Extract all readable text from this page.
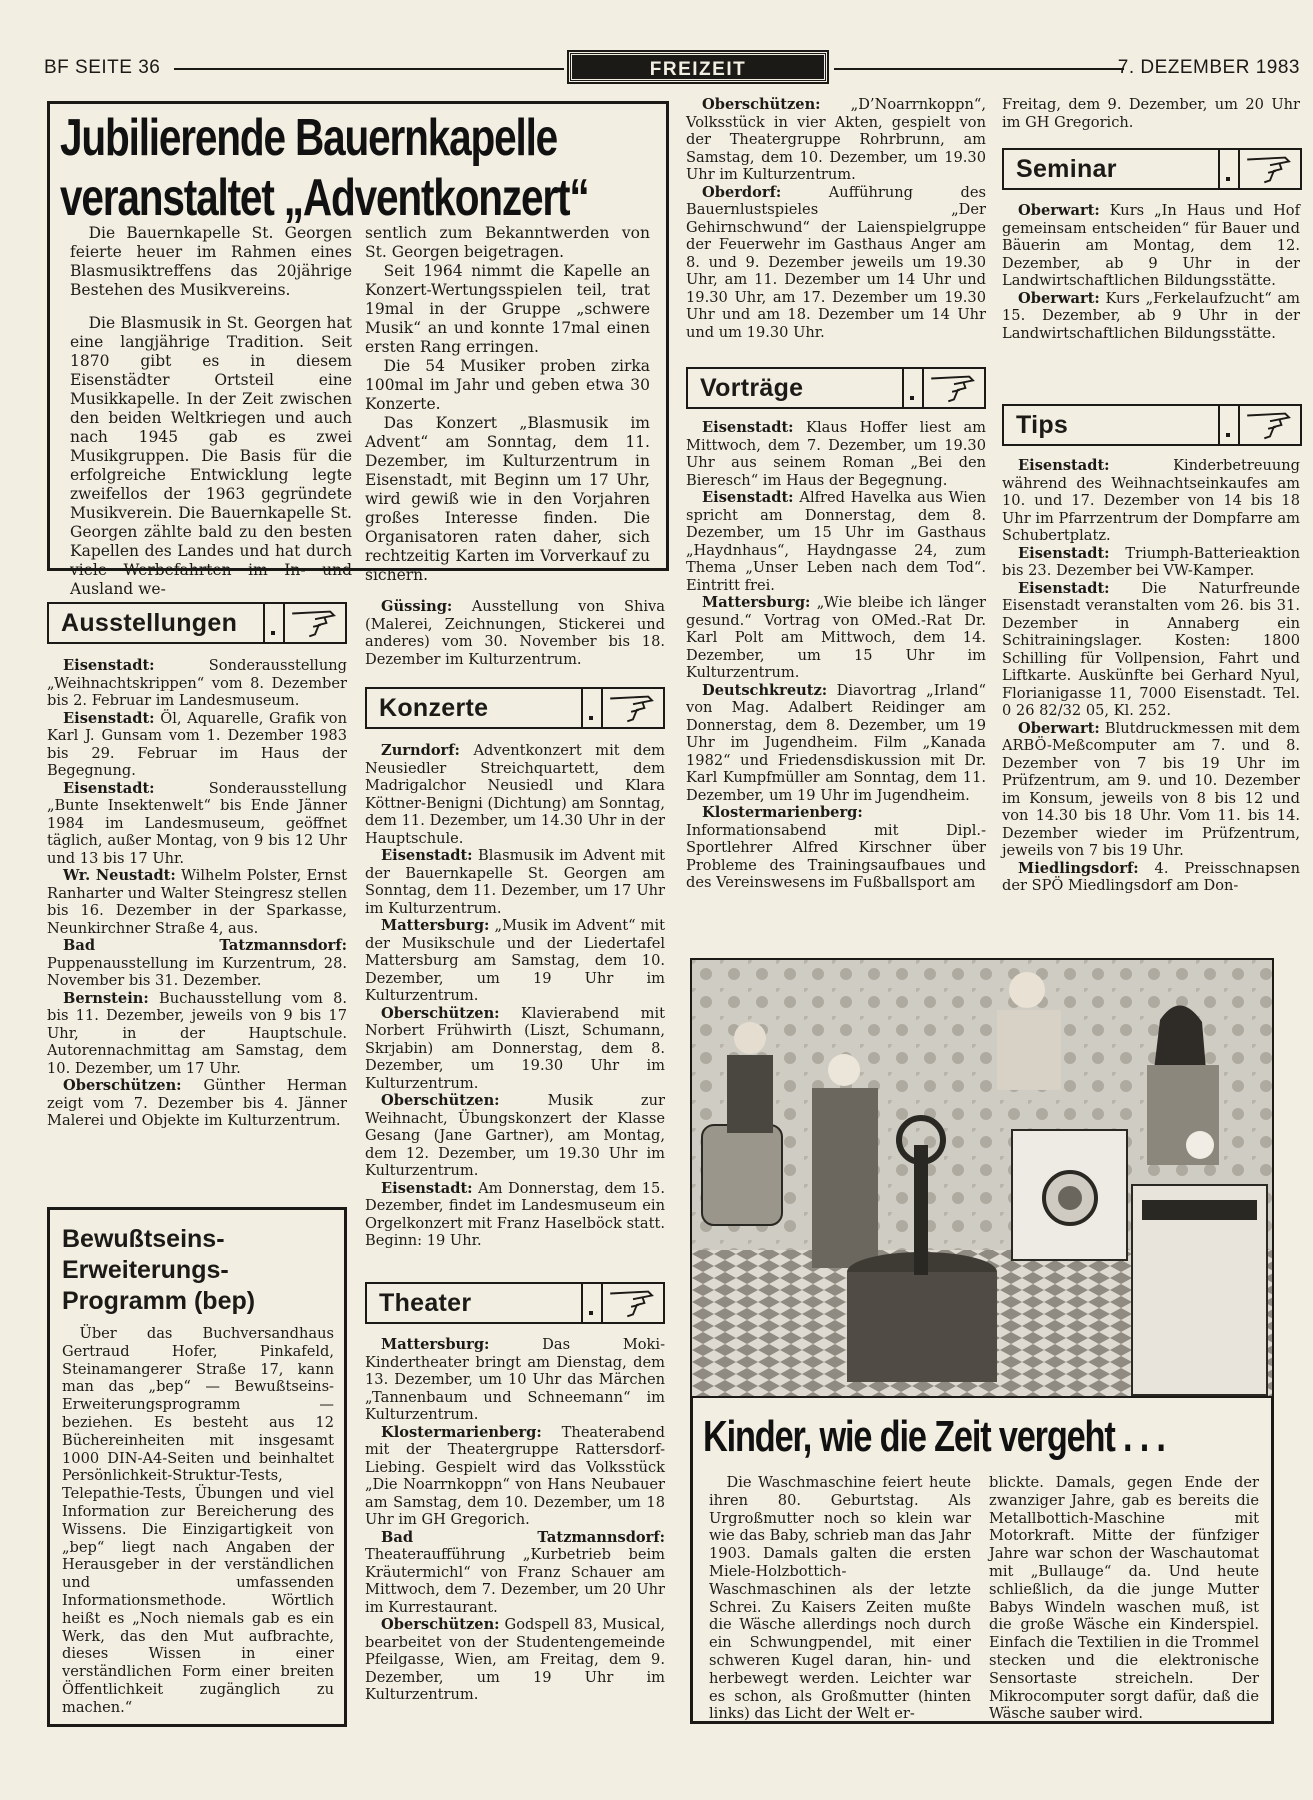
BF SEITE 36	FREIZEIT	7. DEZEMBER 1983
Jubilierende Bauernkapelle
veranstaltet „Adventkonzert“

Die Bauernkapelle St. Georgen feierte heuer im Rahmen eines Blasmusiktreffens das 20jährige Bestehen des Musikvereins.

Die Blasmusik in St. Georgen hat eine langjährige Tradition. Seit 1870 gibt es in diesem Eisenstädter Ortsteil eine Musikkapelle. In der Zeit zwischen den beiden Weltkriegen und auch nach 1945 gab es zwei Musikgruppen. Die Basis für die erfolgreiche Entwicklung legte zweifellos der 1963 gegründete Musikverein. Die Bauernkapelle St. Georgen zählte bald zu den besten Kapellen des Landes und hat durch viele Werbefahrten im In- und Ausland we-

sentlich zum Bekanntwerden von St. Georgen beigetragen.

Seit 1964 nimmt die Kapelle an Konzert-Wertungsspielen teil, trat 19mal in der Gruppe „schwere Musik“ an und konnte 17mal einen ersten Rang erringen.

Die 54 Musiker proben zirka 100mal im Jahr und geben etwa 30 Konzerte.

Das Konzert „Blasmusik im Advent“ am Sonntag, dem 11. Dezember, im Kulturzentrum in Eisenstadt, mit Beginn um 17 Uhr, wird gewiß wie in den Vorjahren großes Interesse finden. Die Organisatoren raten daher, sich rechtzeitig Karten im Vorverkauf zu sichern.

Ausstellungen
Konzerte
Theater
Vorträge
Seminar
Tips

Eisenstadt: Sonderausstellung „Weihnachtskrippen“ vom 8. Dezember bis 2. Februar im Landesmuseum.

Eisenstadt: Öl, Aquarelle, Grafik von Karl J. Gunsam vom 1. Dezember 1983 bis 29. Februar im Haus der Begegnung.

Eisenstadt: Sonderausstellung „Bunte Insektenwelt“ bis Ende Jänner 1984 im Landesmuseum, geöffnet täglich, außer Montag, von 9 bis 12 Uhr und 13 bis 17 Uhr.

Wr. Neustadt: Wilhelm Polster, Ernst Ranharter und Walter Steingresz stellen bis 16. Dezember in der Sparkasse, Neunkirchner Straße 4, aus.

Bad Tatzmannsdorf: Puppenausstellung im Kurzentrum, 28. November bis 31. Dezember.

Bernstein: Buchausstellung vom 8. bis 11. Dezember, jeweils von 9 bis 17 Uhr, in der Hauptschule. Autorennachmittag am Samstag, dem 10. Dezember, um 17 Uhr.

Oberschützen: Günther Herman zeigt vom 7. Dezember bis 4. Jänner Malerei und Objekte im Kulturzentrum.

Bewußtseins-
Erweiterungs-
Programm (bep)

Über das Buchversandhaus Gertraud Hofer, Pinkafeld, Steinamangerer Straße 17, kann man das „bep“ — Bewußtseins-Erweiterungsprogramm — beziehen. Es besteht aus 12 Büchereinheiten mit insgesamt 1000 DIN-A4-Seiten und beinhaltet Persönlichkeit-Struktur-Tests, Telepathie-Tests, Übungen und viel Information zur Bereicherung des Wissens. Die Einzigartigkeit von „bep“ liegt nach Angaben der Herausgeber in der verständlichen und umfassenden Informationsmethode. Wörtlich heißt es „Noch niemals gab es ein Werk, das den Mut aufbrachte, dieses Wissen in einer verständlichen Form einer breiten Öffentlichkeit zugänglich zu machen.“

Güssing: Ausstellung von Shiva (Malerei, Zeichnungen, Stickerei und anderes) vom 30. November bis 18. Dezember im Kulturzentrum.

Zurndorf: Adventkonzert mit dem Neusiedler Streichquartett, dem Madrigalchor Neusiedl und Klara Köttner-Benigni (Dichtung) am Sonntag, dem 11. Dezember, um 14.30 Uhr in der Hauptschule.

Eisenstadt: Blasmusik im Advent mit der Bauernkapelle St. Georgen am Sonntag, dem 11. Dezember, um 17 Uhr im Kulturzentrum.

Mattersburg: „Musik im Advent“ mit der Musikschule und der Liedertafel Mattersburg am Samstag, dem 10. Dezember, um 19 Uhr im Kulturzentrum.

Oberschützen: Klavierabend mit Norbert Frühwirth (Liszt, Schumann, Skrjabin) am Donnerstag, dem 8. Dezember, um 19.30 Uhr im Kulturzentrum.

Oberschützen: Musik zur Weihnacht, Übungskonzert der Klasse Gesang (Jane Gartner), am Montag, dem 12. Dezember, um 19.30 Uhr im Kulturzentrum.

Eisenstadt: Am Donnerstag, dem 15. Dezember, findet im Landesmuseum ein Orgelkonzert mit Franz Haselböck statt. Beginn: 19 Uhr.

Mattersburg: Das Moki-Kindertheater bringt am Dienstag, dem 13. Dezember, um 10 Uhr das Märchen „Tannenbaum und Schneemann“ im Kulturzentrum.

Klostermarienberg: Theaterabend mit der Theatergruppe Rattersdorf-Liebing. Gespielt wird das Volksstück „Die Noarrnkoppn“ von Hans Neubauer am Samstag, dem 10. Dezember, um 18 Uhr im GH Gregorich.

Bad Tatzmannsdorf: Theateraufführung „Kurbetrieb beim Kräutermichl“ von Franz Schauer am Mittwoch, dem 7. Dezember, um 20 Uhr im Kurrestaurant.

Oberschützen: Godspell 83, Musical, bearbeitet von der Studentengemeinde Pfeilgasse, Wien, am Freitag, dem 9. Dezember, um 19 Uhr im Kulturzentrum.

Oberschützen: „D’Noarrnkoppn“, Volksstück in vier Akten, gespielt von der Theatergruppe Rohrbrunn, am Samstag, dem 10. Dezember, um 19.30 Uhr im Kulturzentrum.

Oberdorf: Aufführung des Bauernlustspieles „Der Gehirnschwund“ der Laienspielgruppe der Feuerwehr im Gasthaus Anger am 8. und 9. Dezember jeweils um 19.30 Uhr, am 11. Dezember um 14 Uhr und 19.30 Uhr, am 17. Dezember um 19.30 Uhr und am 18. Dezember um 14 Uhr und um 19.30 Uhr.

Eisenstadt: Klaus Hoffer liest am Mittwoch, dem 7. Dezember, um 19.30 Uhr aus seinem Roman „Bei den Bieresch“ im Haus der Begegnung.

Eisenstadt: Alfred Havelka aus Wien spricht am Donnerstag, dem 8. Dezember, um 15 Uhr im Gasthaus „Haydnhaus“, Haydngasse 24, zum Thema „Unser Leben nach dem Tod“. Eintritt frei.

Mattersburg: „Wie bleibe ich länger gesund.“ Vortrag von OMed.-Rat Dr. Karl Polt am Mittwoch, dem 14. Dezember, um 15 Uhr im Kulturzentrum.

Deutschkreutz: Diavortrag „Irland“ von Mag. Adalbert Reidinger am Donnerstag, dem 8. Dezember, um 19 Uhr im Jugendheim. Film „Kanada 1982“ und Friedensdiskussion mit Dr. Karl Kumpfmüller am Sonntag, dem 11. Dezember, um 19 Uhr im Jugendheim.

Klostermarienberg: Informationsabend mit Dipl.-Sportlehrer Alfred Kirschner über Probleme des Trainingsaufbaues und des Vereinswesens im Fußballsport am

Freitag, dem 9. Dezember, um 20 Uhr im GH Gregorich.

Oberwart: Kurs „In Haus und Hof gemeinsam entscheiden“ für Bauer und Bäuerin am Montag, dem 12. Dezember, ab 9 Uhr in der Landwirtschaftlichen Bildungsstätte.

Oberwart: Kurs „Ferkelaufzucht“ am 15. Dezember, ab 9 Uhr in der Landwirtschaftlichen Bildungsstätte.

Eisenstadt: Kinderbetreuung während des Weihnachtseinkaufes am 10. und 17. Dezember von 14 bis 18 Uhr im Pfarrzentrum der Dompfarre am Schubertplatz.

Eisenstadt: Triumph-Batterieaktion bis 23. Dezember bei VW-Kamper.

Eisenstadt: Die Naturfreunde Eisenstadt veranstalten vom 26. bis 31. Dezember in Annaberg ein Schitrainingslager. Kosten: 1800 Schilling für Vollpension, Fahrt und Liftkarte. Auskünfte bei Gerhard Nyul, Florianigasse 11, 7000 Eisenstadt. Tel. 0 26 82/32 05, Kl. 252.

Oberwart: Blutdruckmessen mit dem ARBÖ-Meßcomputer am 7. und 8. Dezember von 7 bis 19 Uhr im Prüfzentrum, am 9. und 10. Dezember im Konsum, jeweils von 8 bis 12 und von 14.30 bis 18 Uhr. Vom 11. bis 14. Dezember wieder im Prüfzentrum, jeweils von 7 bis 19 Uhr.

Miedlingsdorf: 4. Preisschnapsen der SPÖ Miedlingsdorf am Don-

Kinder, wie die Zeit vergeht . . .

Die Waschmaschine feiert heute ihren 80. Geburtstag. Als Urgroßmutter noch so klein war wie das Baby, schrieb man das Jahr 1903. Damals galten die ersten Miele-Holzbottich-Waschmaschinen als der letzte Schrei. Zu Kaisers Zeiten mußte die Wäsche allerdings noch durch ein Schwungpendel, mit einer schweren Kugel daran, hin- und herbewegt werden. Leichter war es schon, als Großmutter (hinten links) das Licht der Welt er-

blickte. Damals, gegen Ende der zwanziger Jahre, gab es bereits die Metallbottich-Maschine mit Motorkraft. Mitte der fünfziger Jahre war schon der Waschautomat mit „Bullauge“ da. Und heute schließlich, da die junge Mutter Babys Windeln waschen muß, ist die große Wäsche ein Kinderspiel. Einfach die Textilien in die Trommel stecken und die elektronische Sensortaste streicheln. Der Mikrocomputer sorgt dafür, daß die Wäsche sauber wird.
